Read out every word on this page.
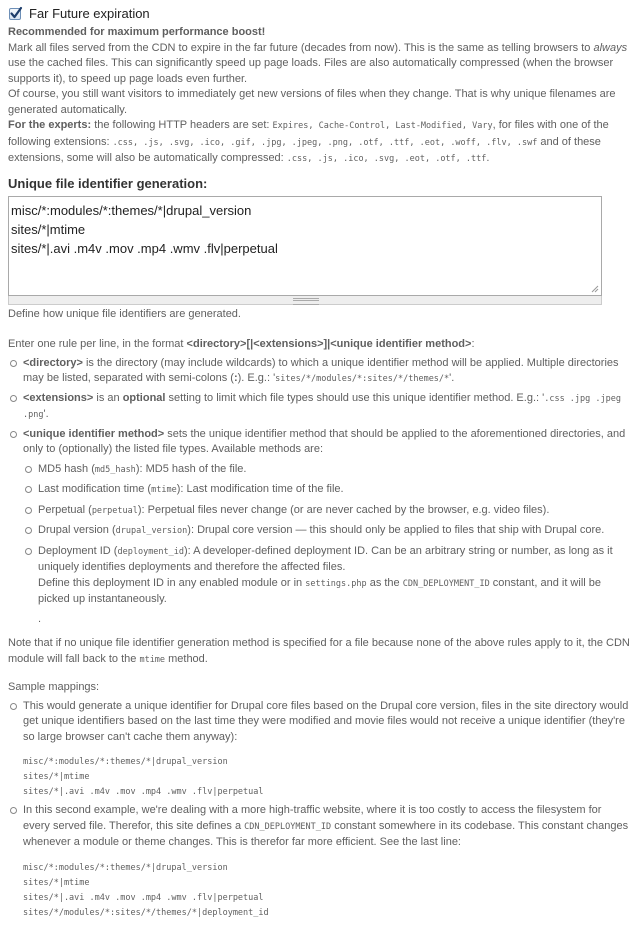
Far Future expiration

Recommended for maximum performance boost!

Mark all files served from the CDN to expire in the far future (decades from now). This is the same as telling browsers to always use the cached files. This can significantly speed up page loads. Files are also automatically compressed (when the browser supports it), to speed up page loads even further.

Of course, you still want visitors to immediately get new versions of files when they change. That is why unique filenames are generated automatically.

For the experts: the following HTTP headers are set: Expires, Cache-Control, Last-Modified, Vary, for files with one of the following extensions: .css, .js, .svg, .ico, .gif, .jpg, .jpeg, .png, .otf, .ttf, .eot, .woff, .flv, .swf and of these extensions, some will also be automatically compressed: .css, .js, .ico, .svg, .eot, .otf, .ttf.

Unique file identifier generation:
misc/*:modules/*:themes/*|drupal_version
sites/*|mtime
sites/*|.avi .m4v .mov .mp4 .wmv .flv|perpetual
Define how unique file identifiers are generated.

Enter one rule per line, in the format <directory>[|<extensions>]|<unique identifier method>:

<directory> is the directory (may include wildcards) to which a unique identifier method will be applied. Multiple directories may be listed, separated with semi-colons (:). E.g.: 'sites/*/modules/*:sites/*/themes/*'.
<extensions> is an optional setting to limit which file types should use this unique identifier method. E.g.: '.css .jpg .jpeg .png'.
<unique identifier method> sets the unique identifier method that should be applied to the aforementioned directories, and only to (optionally) the listed file types. Available methods are:
MD5 hash (md5_hash): MD5 hash of the file.
Last modification time (mtime): Last modification time of the file.
Perpetual (perpetual): Perpetual files never change (or are never cached by the browser, e.g. video files).
Drupal version (drupal_version): Drupal core version — this should only be applied to files that ship with Drupal core.
Deployment ID (deployment_id): A developer-defined deployment ID. Can be an arbitrary string or number, as long as it uniquely identifies deployments and therefore the affected files.
Define this deployment ID in any enabled module or in settings.php as the CDN_DEPLOYMENT_ID constant, and it will be picked up instantaneously.
.

Note that if no unique file identifier generation method is specified for a file because none of the above rules apply to it, the CDN module will fall back to the mtime method.

Sample mappings:

This would generate a unique identifier for Drupal core files based on the Drupal core version, files in the site directory would get unique identifiers based on the last time they were modified and movie files would not receive a unique identifier (they're so large browser can't cache them anyway):
misc/*:modules/*:themes/*|drupal_version
sites/*|mtime
sites/*|.avi .m4v .mov .mp4 .wmv .flv|perpetual
In this second example, we're dealing with a more high-traffic website, where it is too costly to access the filesystem for every served file. Therefor, this site defines a CDN_DEPLOYMENT_ID constant somewhere in its codebase. This constant changes whenever a module or theme changes. This is therefor far more efficient. See the last line:
misc/*:modules/*:themes/*|drupal_version
sites/*|mtime
sites/*|.avi .m4v .mov .mp4 .wmv .flv|perpetual
sites/*/modules/*:sites/*/themes/*|deployment_id
